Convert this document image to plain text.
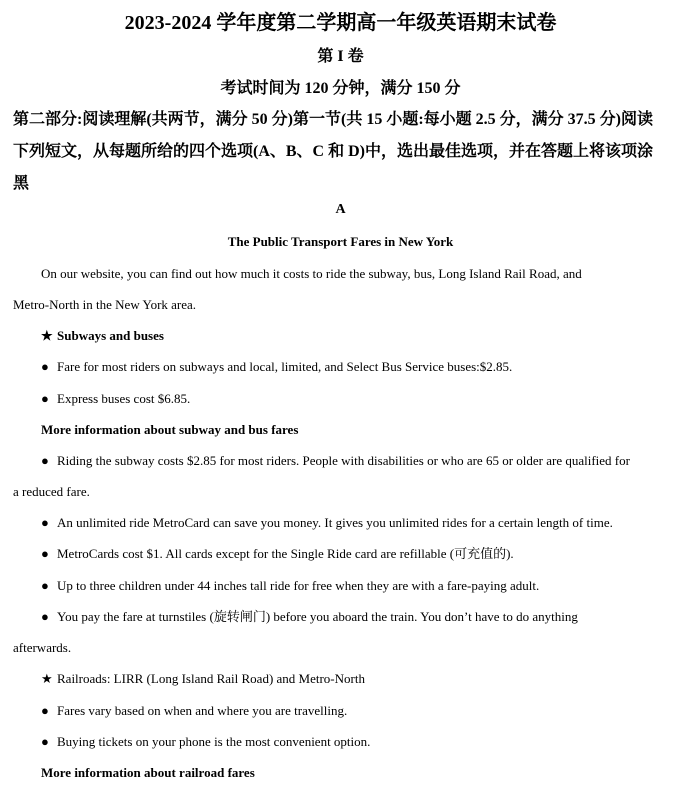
2023-2024 学年度第二学期高一年级英语期末试卷
第 I 卷
考试时间为 120 分钟，满分 150 分
第二部分:阅读理解(共两节，满分 50 分)第一节(共 15 小题:每小题 2.5 分，满分 37.5 分)阅读
下列短文，从每题所给的四个选项(A、B、C 和 D)中，选出最佳选项，并在答题上将该项涂
黑
A
The Public Transport Fares in New York
On our website, you can find out how much it costs to ride the subway, bus, Long Island Rail Road, and
Metro-North in the New York area.
★ Subways and buses
● Fare for most riders on subways and local, limited, and Select Bus Service buses:$2.85.
● Express buses cost $6.85.
More information about subway and bus fares
● Riding the subway costs $2.85 for most riders. People with disabilities or who are 65 or older are qualified for
a reduced fare.
● An unlimited ride MetroCard can save you money. It gives you unlimited rides for a certain length of time.
● MetroCards cost $1. All cards except for the Single Ride card are refillable (可充值的).
● Up to three children under 44 inches tall ride for free when they are with a fare-paying adult.
● You pay the fare at turnstiles (旋转闸门) before you aboard the train. You don’t have to do anything
afterwards.
★ Railroads: LIRR (Long Island Rail Road) and Metro-North
● Fares vary based on when and where you are travelling.
● Buying tickets on your phone is the most convenient option.
More information about railroad fares
